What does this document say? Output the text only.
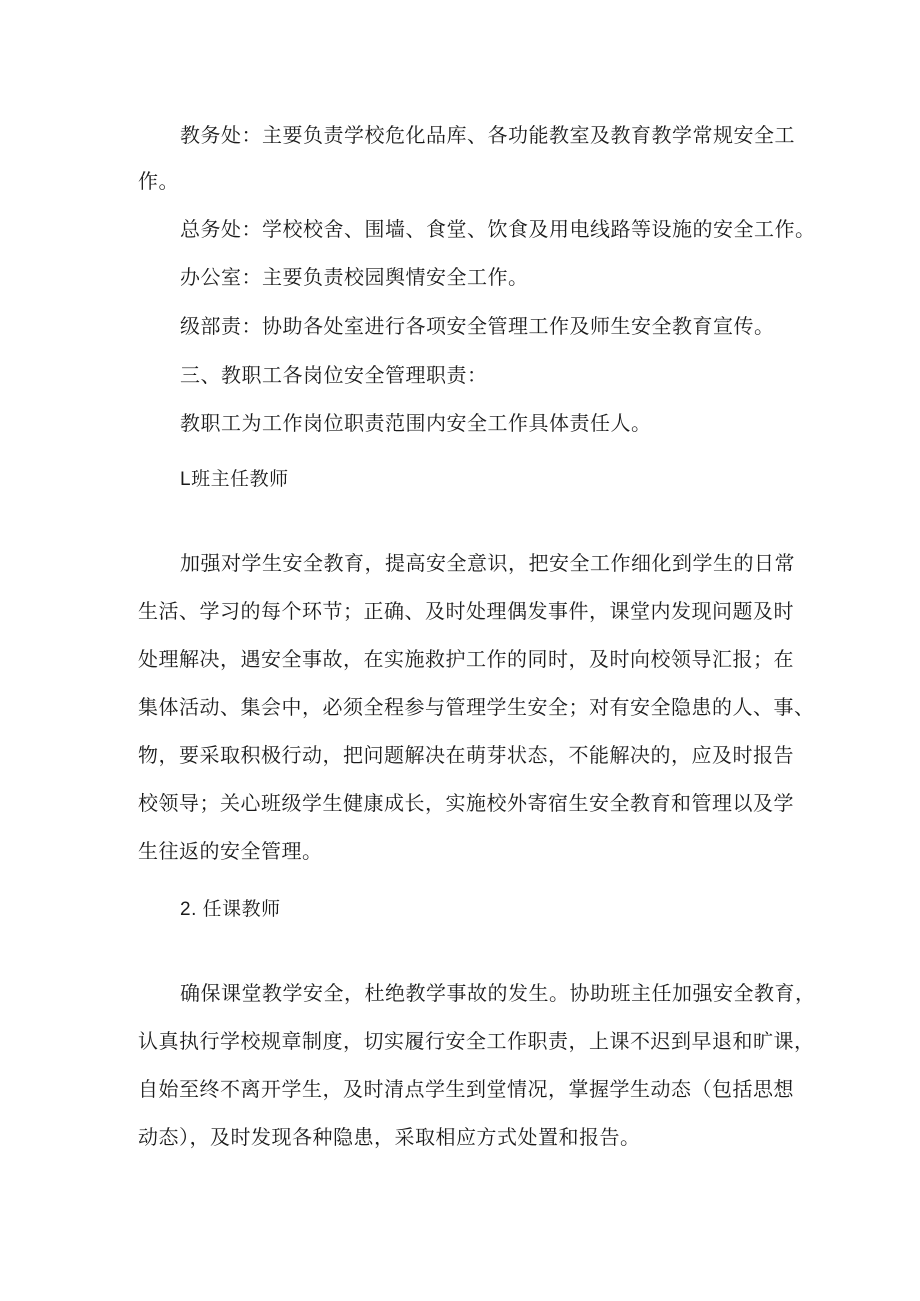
教务处：主要负责学校危化品库、各功能教室及教育教学常规安全工
作。
总务处：学校校舍、围墙、食堂、饮食及用电线路等设施的安全工作。
办公室：主要负责校园舆情安全工作。
级部责：协助各处室进行各项安全管理工作及师生安全教育宣传。
三、教职工各岗位安全管理职责：
教职工为工作岗位职责范围内安全工作具体责任人。
L班主任教师
加强对学生安全教育，提高安全意识，把安全工作细化到学生的日常
生活、学习的每个环节；正确、及时处理偶发事件，课堂内发现问题及时
处理解决，遇安全事故，在实施救护工作的同时，及时向校领导汇报；在
集体活动、集会中，必须全程参与管理学生安全；对有安全隐患的人、事、
物，要采取积极行动，把问题解决在萌芽状态，不能解决的，应及时报告
校领导；关心班级学生健康成长，实施校外寄宿生安全教育和管理以及学
生往返的安全管理。
2. 任课教师
确保课堂教学安全，杜绝教学事故的发生。协助班主任加强安全教育，
认真执行学校规章制度，切实履行安全工作职责，上课不迟到早退和旷课，
自始至终不离开学生，及时清点学生到堂情况，掌握学生动态（包括思想
动态），及时发现各种隐患，采取相应方式处置和报告。
